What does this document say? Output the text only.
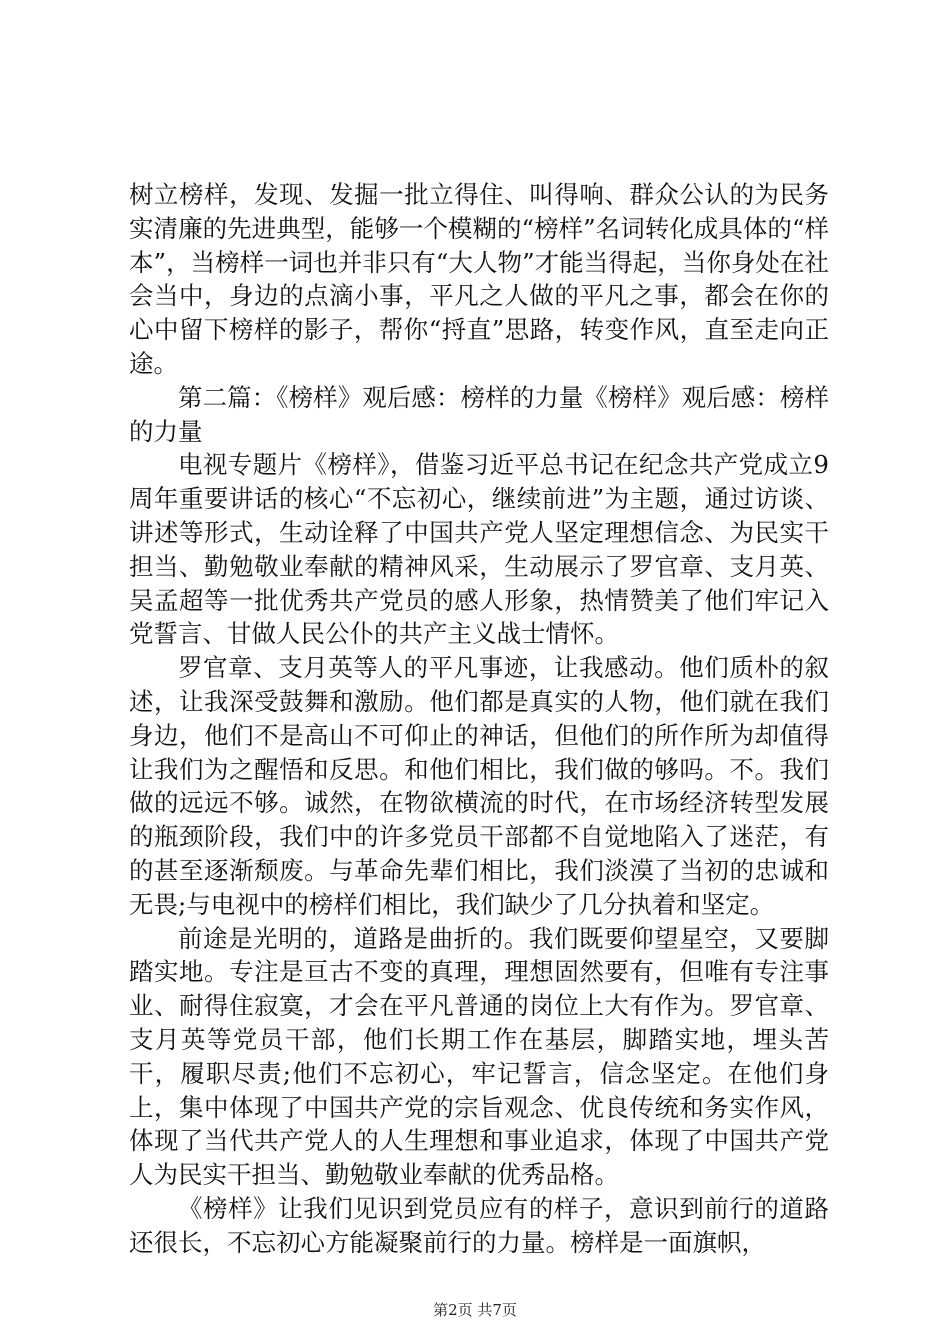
树立榜样，发现、发掘一批立得住、叫得响、群众公认的为民务实清廉的先进典型，能够一个模糊的“榜样”名词转化成具体的“样本”，当榜样一词也并非只有“大人物”才能当得起，当你身处在社会当中，身边的点滴小事，平凡之人做的平凡之事，都会在你的心中留下榜样的影子，帮你“捋直”思路，转变作风，直至走向正途。

第二篇：《榜样》观后感：榜样的力量《榜样》观后感：榜样的力量

电视专题片《榜样》，借鉴习近平总书记在纪念共产党成立9周年重要讲话的核心“不忘初心，继续前进”为主题，通过访谈、讲述等形式，生动诠释了中国共产党人坚定理想信念、为民实干担当、勤勉敬业奉献的精神风采，生动展示了罗官章、支月英、吴孟超等一批优秀共产党员的感人形象，热情赞美了他们牢记入党誓言、甘做人民公仆的共产主义战士情怀。

罗官章、支月英等人的平凡事迹，让我感动。他们质朴的叙述，让我深受鼓舞和激励。他们都是真实的人物，他们就在我们身边，他们不是高山不可仰止的神话，但他们的所作所为却值得让我们为之醒悟和反思。和他们相比，我们做的够吗。不。我们做的远远不够。诚然，在物欲横流的时代，在市场经济转型发展的瓶颈阶段，我们中的许多党员干部都不自觉地陷入了迷茫，有的甚至逐渐颓废。与革命先辈们相比，我们淡漠了当初的忠诚和无畏;与电视中的榜样们相比，我们缺少了几分执着和坚定。

前途是光明的，道路是曲折的。我们既要仰望星空，又要脚踏实地。专注是亘古不变的真理，理想固然要有，但唯有专注事业、耐得住寂寞，才会在平凡普通的岗位上大有作为。罗官章、支月英等党员干部，他们长期工作在基层，脚踏实地，埋头苦干，履职尽责;他们不忘初心，牢记誓言，信念坚定。在他们身上，集中体现了中国共产党的宗旨观念、优良传统和务实作风，体现了当代共产党人的人生理想和事业追求，体现了中国共产党人为民实干担当、勤勉敬业奉献的优秀品格。

《榜样》让我们见识到党员应有的样子，意识到前行的道路还很长，不忘初心方能凝聚前行的力量。榜样是一面旗帜，

第2页 共7页
